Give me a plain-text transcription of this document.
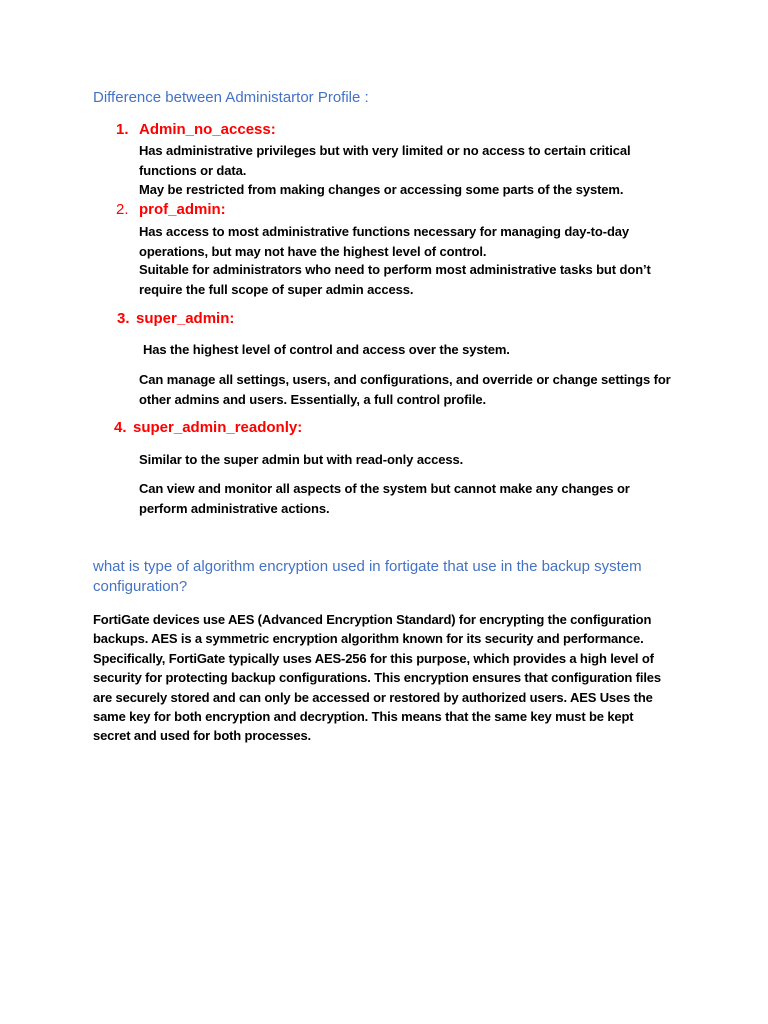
Difference between Administartor Profile :
1. Admin_no_access:

Has administrative privileges but with very limited or no access to certain critical functions or data.

May be restricted from making changes or accessing some parts of the system.

2. prof_admin:

Has access to most administrative functions necessary for managing day-to-day operations, but may not have the highest level of control.

Suitable for administrators who need to perform most administrative tasks but don’t require the full scope of super admin access.

3. super_admin:

Has the highest level of control and access over the system.

Can manage all settings, users, and configurations, and override or change settings for other admins and users. Essentially, a full control profile.

4. super_admin_readonly:

Similar to the super admin but with read-only access.

Can view and monitor all aspects of the system but cannot make any changes or perform administrative actions.

what is type of algorithm encryption used in fortigate that use in the backup system configuration?

FortiGate devices use AES (Advanced Encryption Standard) for encrypting the configuration backups. AES is a symmetric encryption algorithm known for its security and performance. Specifically, FortiGate typically uses AES-256 for this purpose, which provides a high level of security for protecting backup configurations. This encryption ensures that configuration files are securely stored and can only be accessed or restored by authorized users. AES Uses the same key for both encryption and decryption. This means that the same key must be kept secret and used for both processes.
